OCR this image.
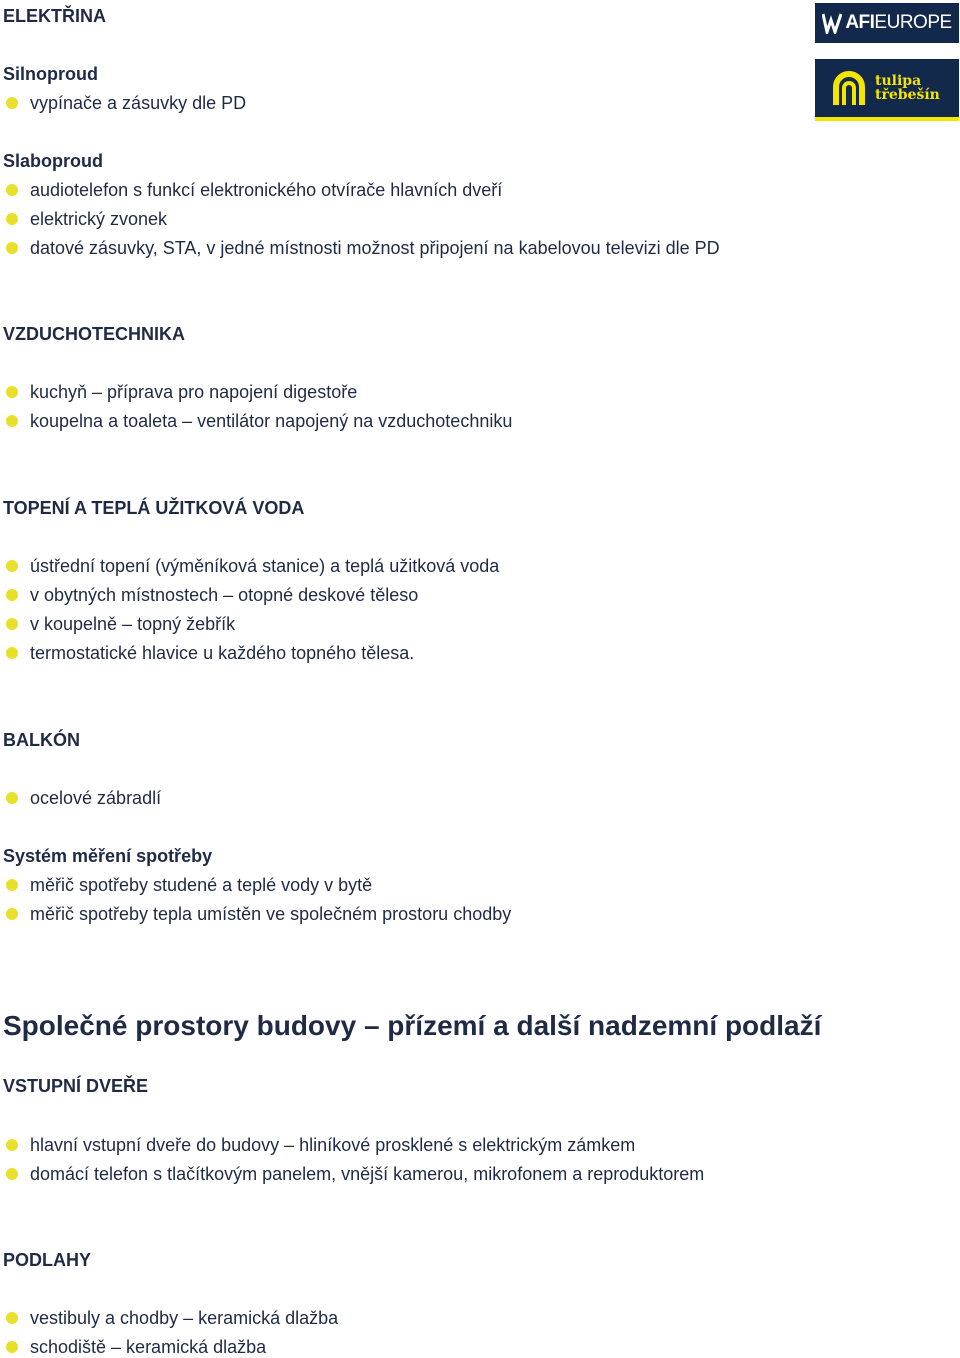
AFIEUROPE
tulipa
třebešín
ELEKTŘINA
Silnoproud
vypínače a zásuvky dle PD
Slaboproud
audiotelefon s funkcí elektronického otvírače hlavních dveří
elektrický zvonek
datové zásuvky, STA, v jedné místnosti možnost připojení na kabelovou televizi dle PD
VZDUCHOTECHNIKA
kuchyň – příprava pro napojení digestoře
koupelna a toaleta – ventilátor napojený na vzduchotechniku
TOPENÍ A TEPLÁ UŽITKOVÁ VODA
ústřední topení (výměníková stanice) a teplá užitková voda
v obytných místnostech – otopné deskové těleso
v koupelně – topný žebřík
termostatické hlavice u každého topného tělesa.
BALKÓN
ocelové zábradlí
Systém měření spotřeby
měřič spotřeby studené a teplé vody v bytě
měřič spotřeby tepla umístěn ve společném prostoru chodby
Společné prostory budovy – přízemí a další nadzemní podlaží
VSTUPNÍ DVEŘE
hlavní vstupní dveře do budovy – hliníkové prosklené s elektrickým zámkem
domácí telefon s tlačítkovým panelem, vnější kamerou, mikrofonem a reproduktorem
PODLAHY
vestibuly a chodby – keramická dlažba
schodiště – keramická dlažba
